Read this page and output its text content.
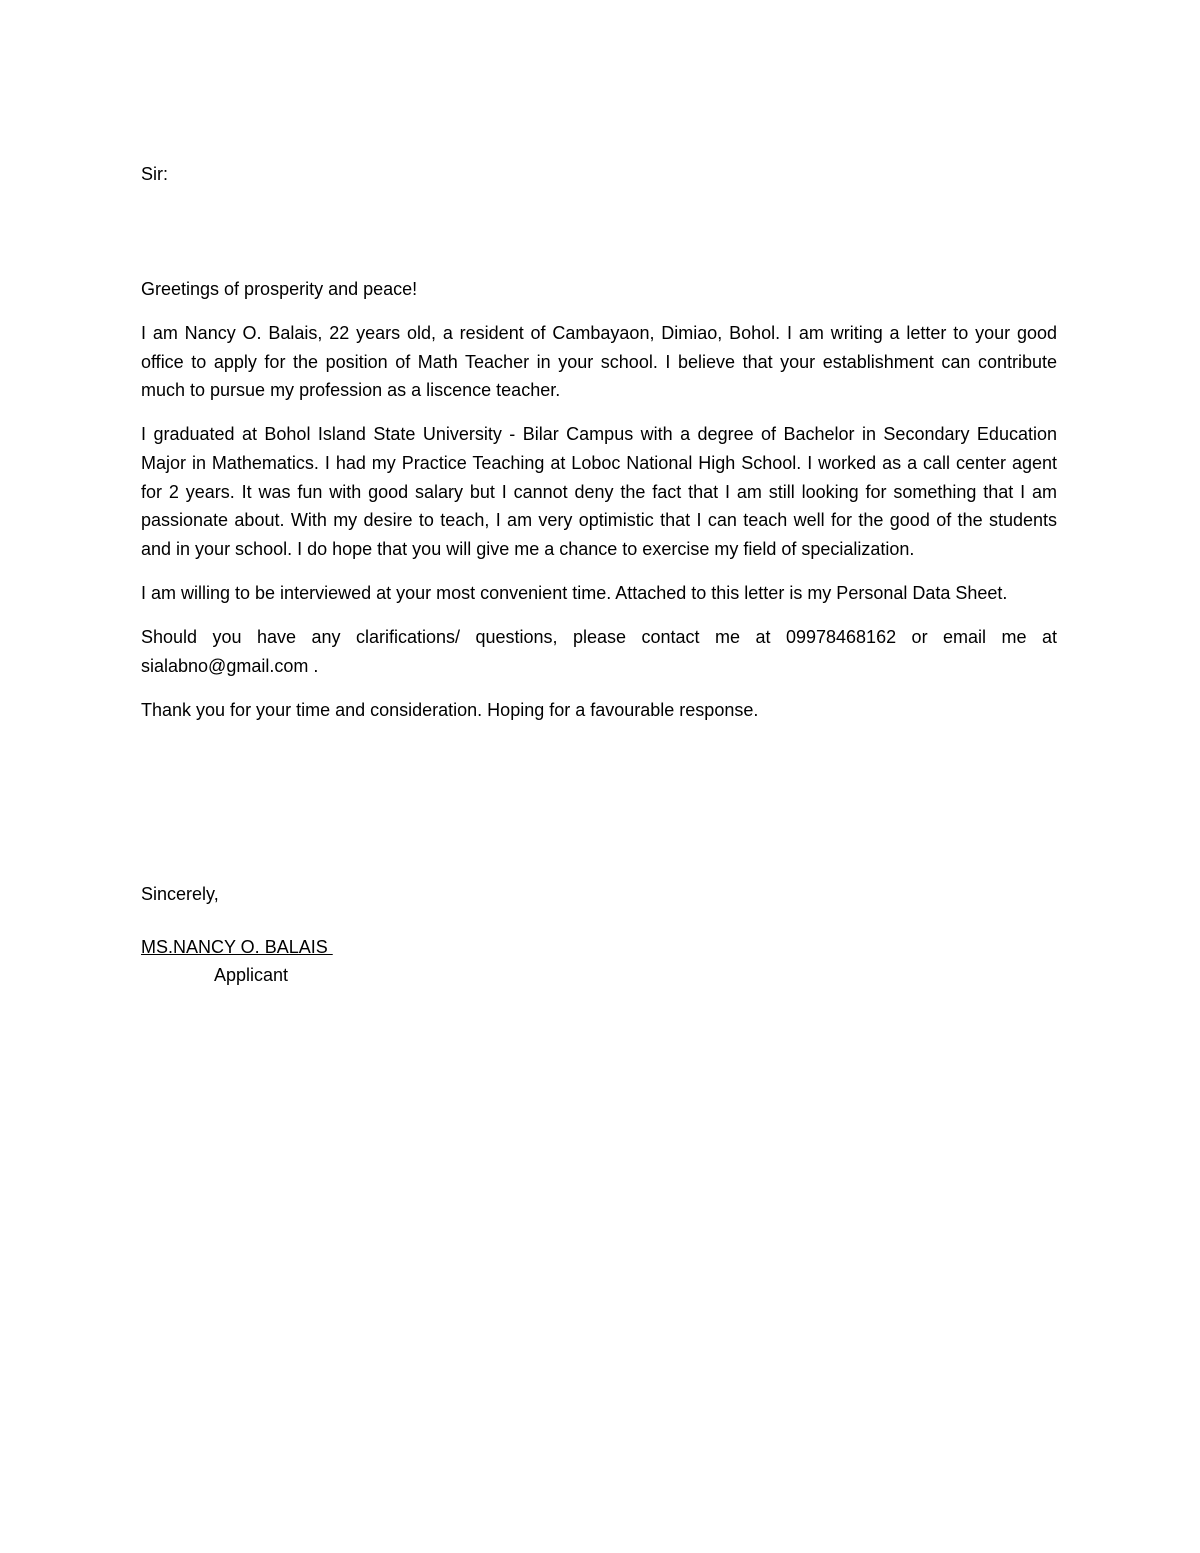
Sir:

Greetings of prosperity and peace!

I am Nancy O. Balais, 22 years old, a resident of Cambayaon, Dimiao, Bohol. I am writing a letter to your good office to apply for the position of Math Teacher in your school. I believe that your establishment can contribute much to pursue my profession as a liscence teacher.

I graduated at Bohol Island State University - Bilar Campus with a degree of Bachelor in Secondary Education Major in Mathematics. I had my Practice Teaching at Loboc National High School. I worked as a call center agent for 2 years. It was fun with good salary but I cannot deny the fact that I am still looking for something that I am passionate about. With my desire to teach, I am very optimistic that I can teach well for the good of the students and in your school. I do hope that you will give me a chance to exercise my field of specialization.

I am willing to be interviewed at your most convenient time. Attached to this letter is my Personal Data Sheet.

Should you have any clarifications/ questions, please contact me at 09978468162 or email me at sialabno@gmail.com .

Thank you for your time and consideration. Hoping for a favourable response.

Sincerely,

MS.NANCY O. BALAIS

Applicant
